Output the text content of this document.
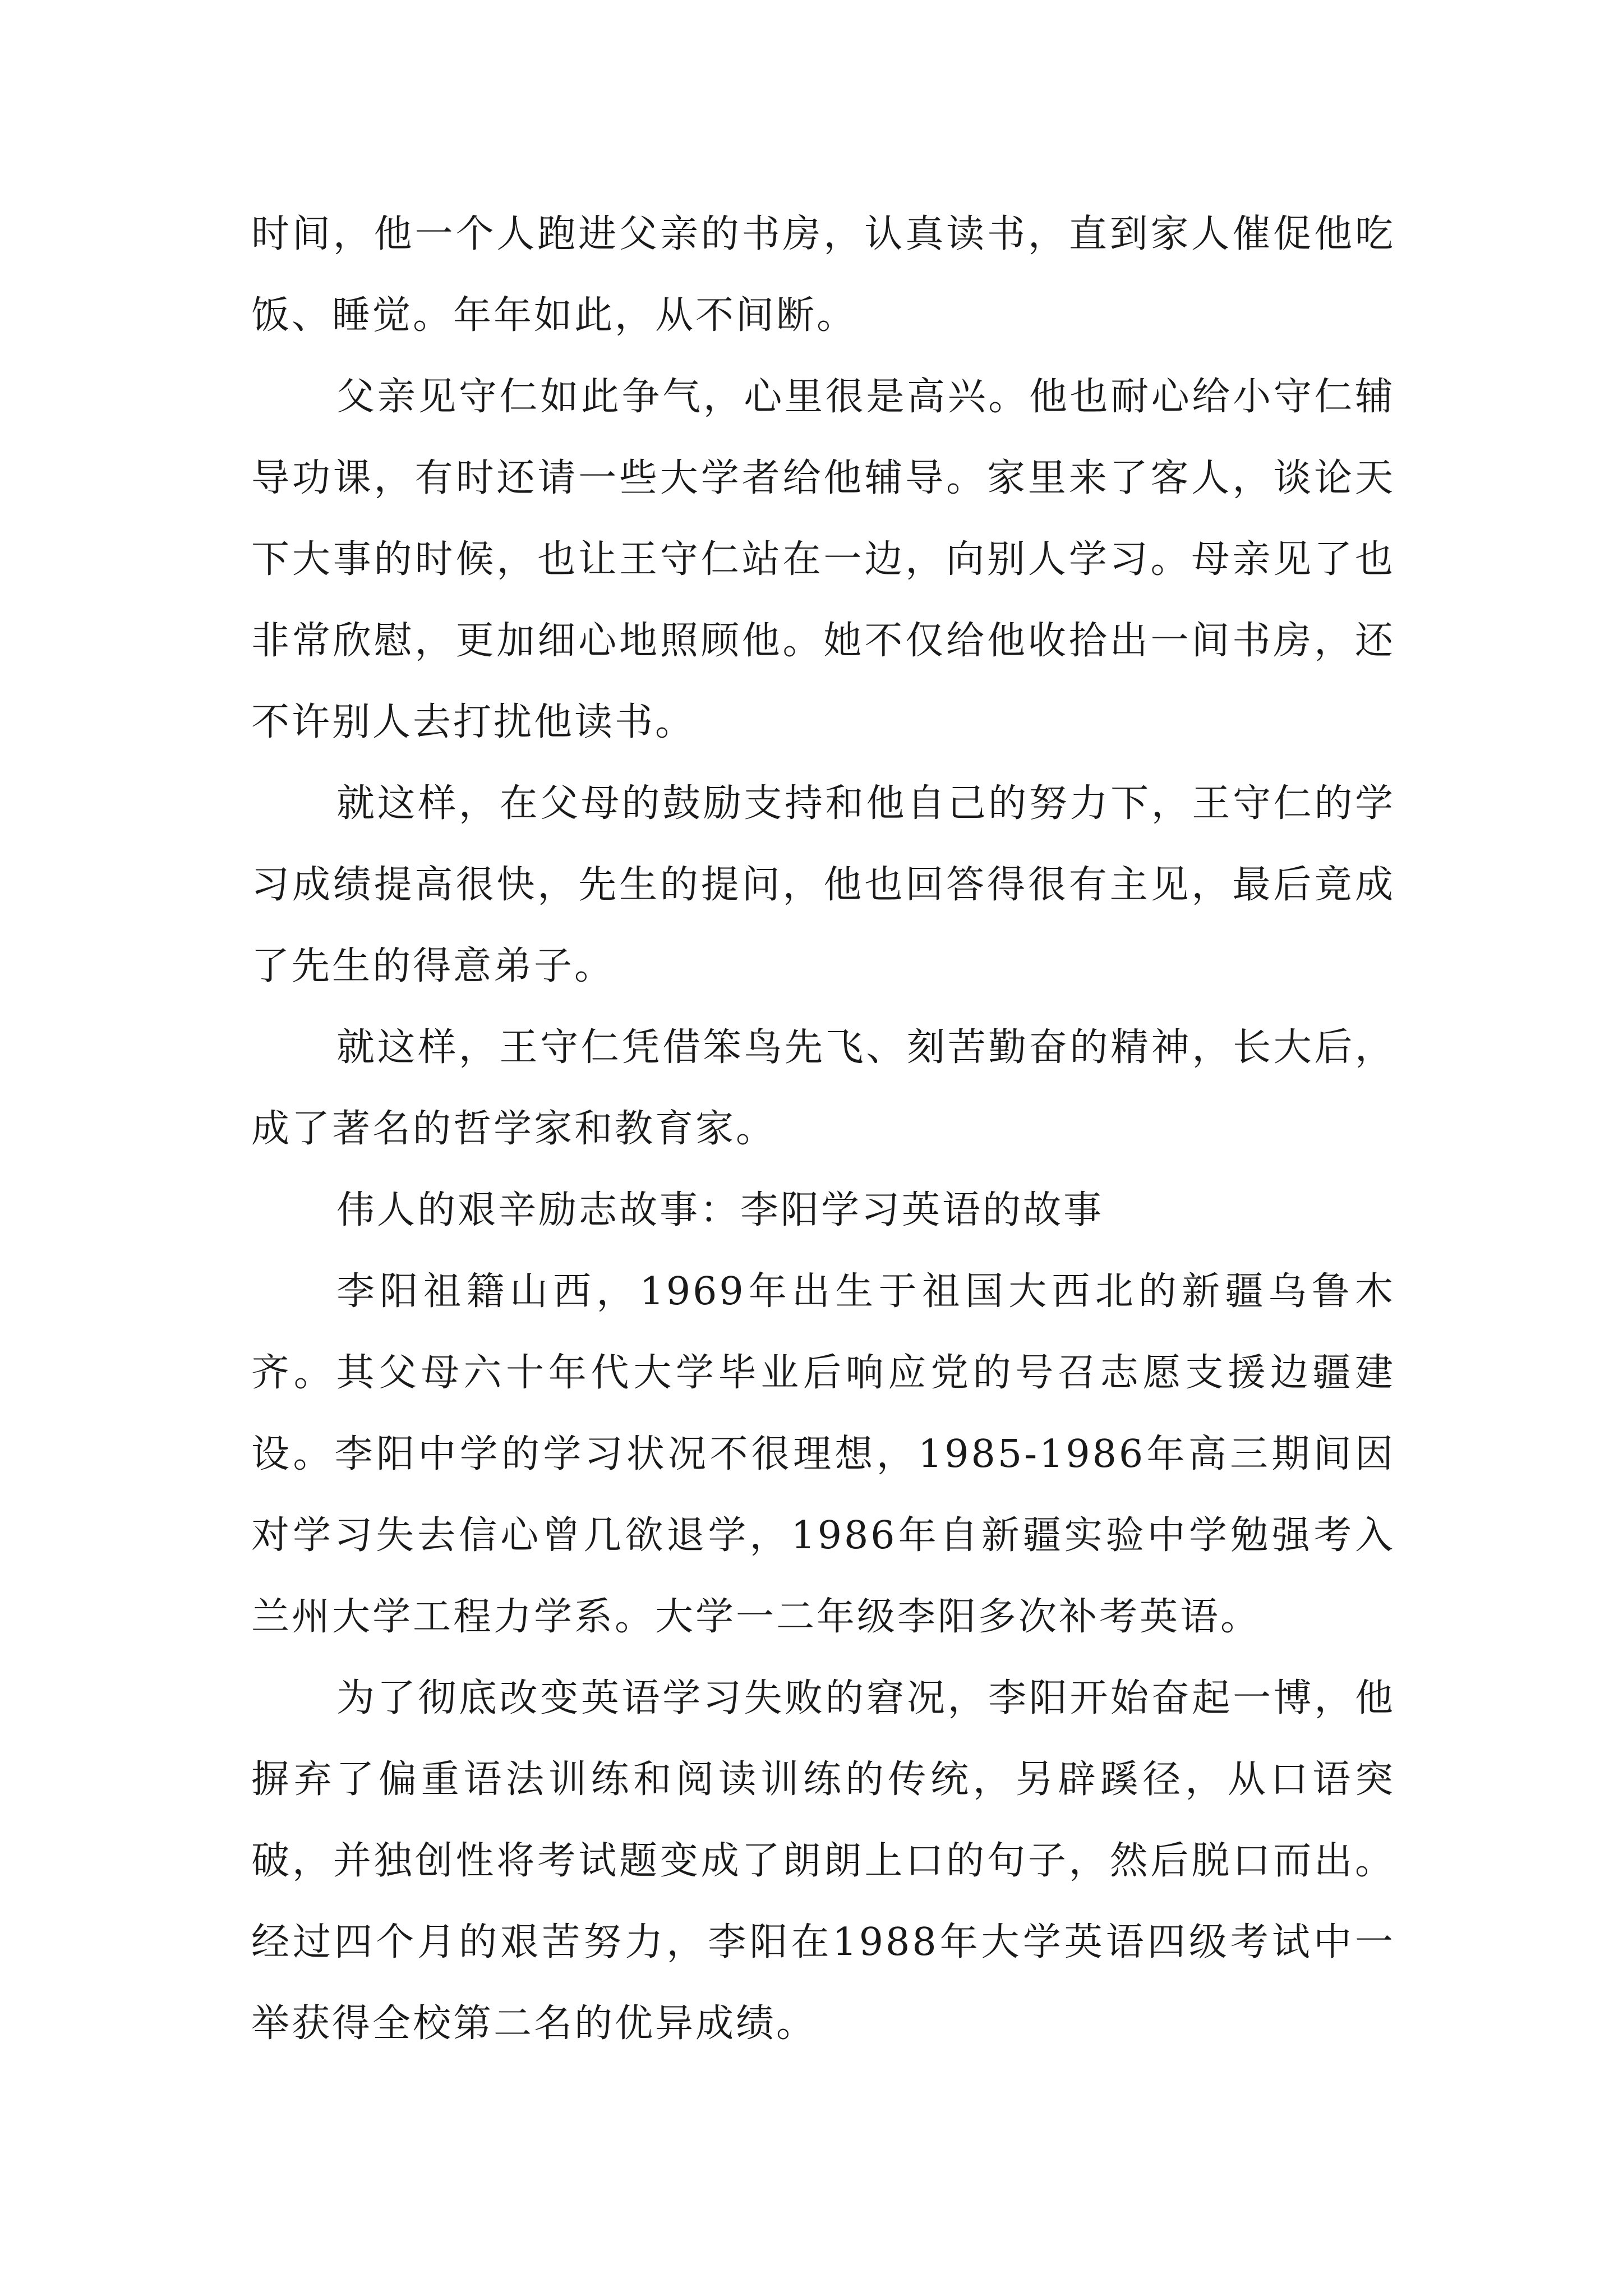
时间，他一个人跑进父亲的书房，认真读书，直到家人催促他吃饭、睡觉。年年如此，从不间断。

父亲见守仁如此争气，心里很是高兴。他也耐心给小守仁辅导功课，有时还请一些大学者给他辅导。家里来了客人，谈论天下大事的时候，也让王守仁站在一边，向别人学习。母亲见了也非常欣慰，更加细心地照顾他。她不仅给他收拾出一间书房，还不许别人去打扰他读书。

就这样，在父母的鼓励支持和他自己的努力下，王守仁的学习成绩提高很快，先生的提问，他也回答得很有主见，最后竟成了先生的得意弟子。

就这样，王守仁凭借笨鸟先飞、刻苦勤奋的精神，长大后，成了著名的哲学家和教育家。

伟人的艰辛励志故事：李阳学习英语的故事

李阳祖籍山西，1969年出生于祖国大西北的新疆乌鲁木齐。其父母六十年代大学毕业后响应党的号召志愿支援边疆建设。李阳中学的学习状况不很理想，1985-1986年高三期间因对学习失去信心曾几欲退学，1986年自新疆实验中学勉强考入兰州大学工程力学系。大学一二年级李阳多次补考英语。

为了彻底改变英语学习失败的窘况，李阳开始奋起一博，他摒弃了偏重语法训练和阅读训练的传统，另辟蹊径，从口语突破，并独创性将考试题变成了朗朗上口的句子，然后脱口而出。经过四个月的艰苦努力，李阳在1988年大学英语四级考试中一举获得全校第二名的优异成绩。
